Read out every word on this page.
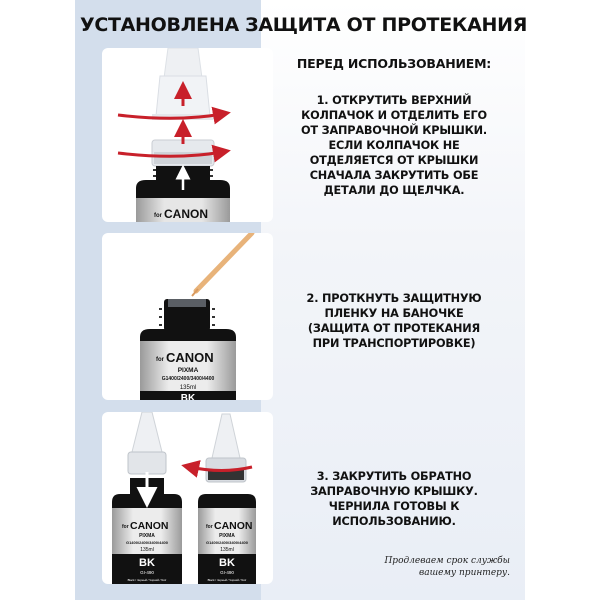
УСТАНОВЛЕНА ЗАЩИТА ОТ ПРОТЕКАНИЯ
for CANON
for CANON
PIXMA
G1400/2400/3400/4400
135ml
BK
for CANON
PIXMA
G1400/2400/3400/4400
135ml
BK
GI-490
Black / Черный / Чорний / Noir
for CANON
PIXMA
G1400/2400/3400/4400
135ml
BK
GI-490
Black / Черный / Чорний / Noir
ПЕРЕД ИСПОЛЬЗОВАНИЕМ:
1. ОТКРУТИТЬ ВЕРХНИЙ
КОЛПАЧОК И ОТДЕЛИТЬ ЕГО
ОТ ЗАПРАВОЧНОЙ КРЫШКИ.
ЕСЛИ КОЛПАЧОК НЕ
ОТДЕЛЯЕТСЯ ОТ КРЫШКИ
СНАЧАЛА ЗАКРУТИТЬ ОБЕ
ДЕТАЛИ ДО ЩЕЛЧКА.
2. ПРОТКНУТЬ ЗАЩИТНУЮ
ПЛЕНКУ НА БАНОЧКЕ
(ЗАЩИТА ОТ ПРОТЕКАНИЯ
ПРИ ТРАНСПОРТИРОВКЕ)
3. ЗАКРУТИТЬ ОБРАТНО
ЗАПРАВОЧНУЮ КРЫШКУ.
ЧЕРНИЛА ГОТОВЫ К
ИСПОЛЬЗОВАНИЮ.
Продлеваем срок службы
вашему принтеру.
